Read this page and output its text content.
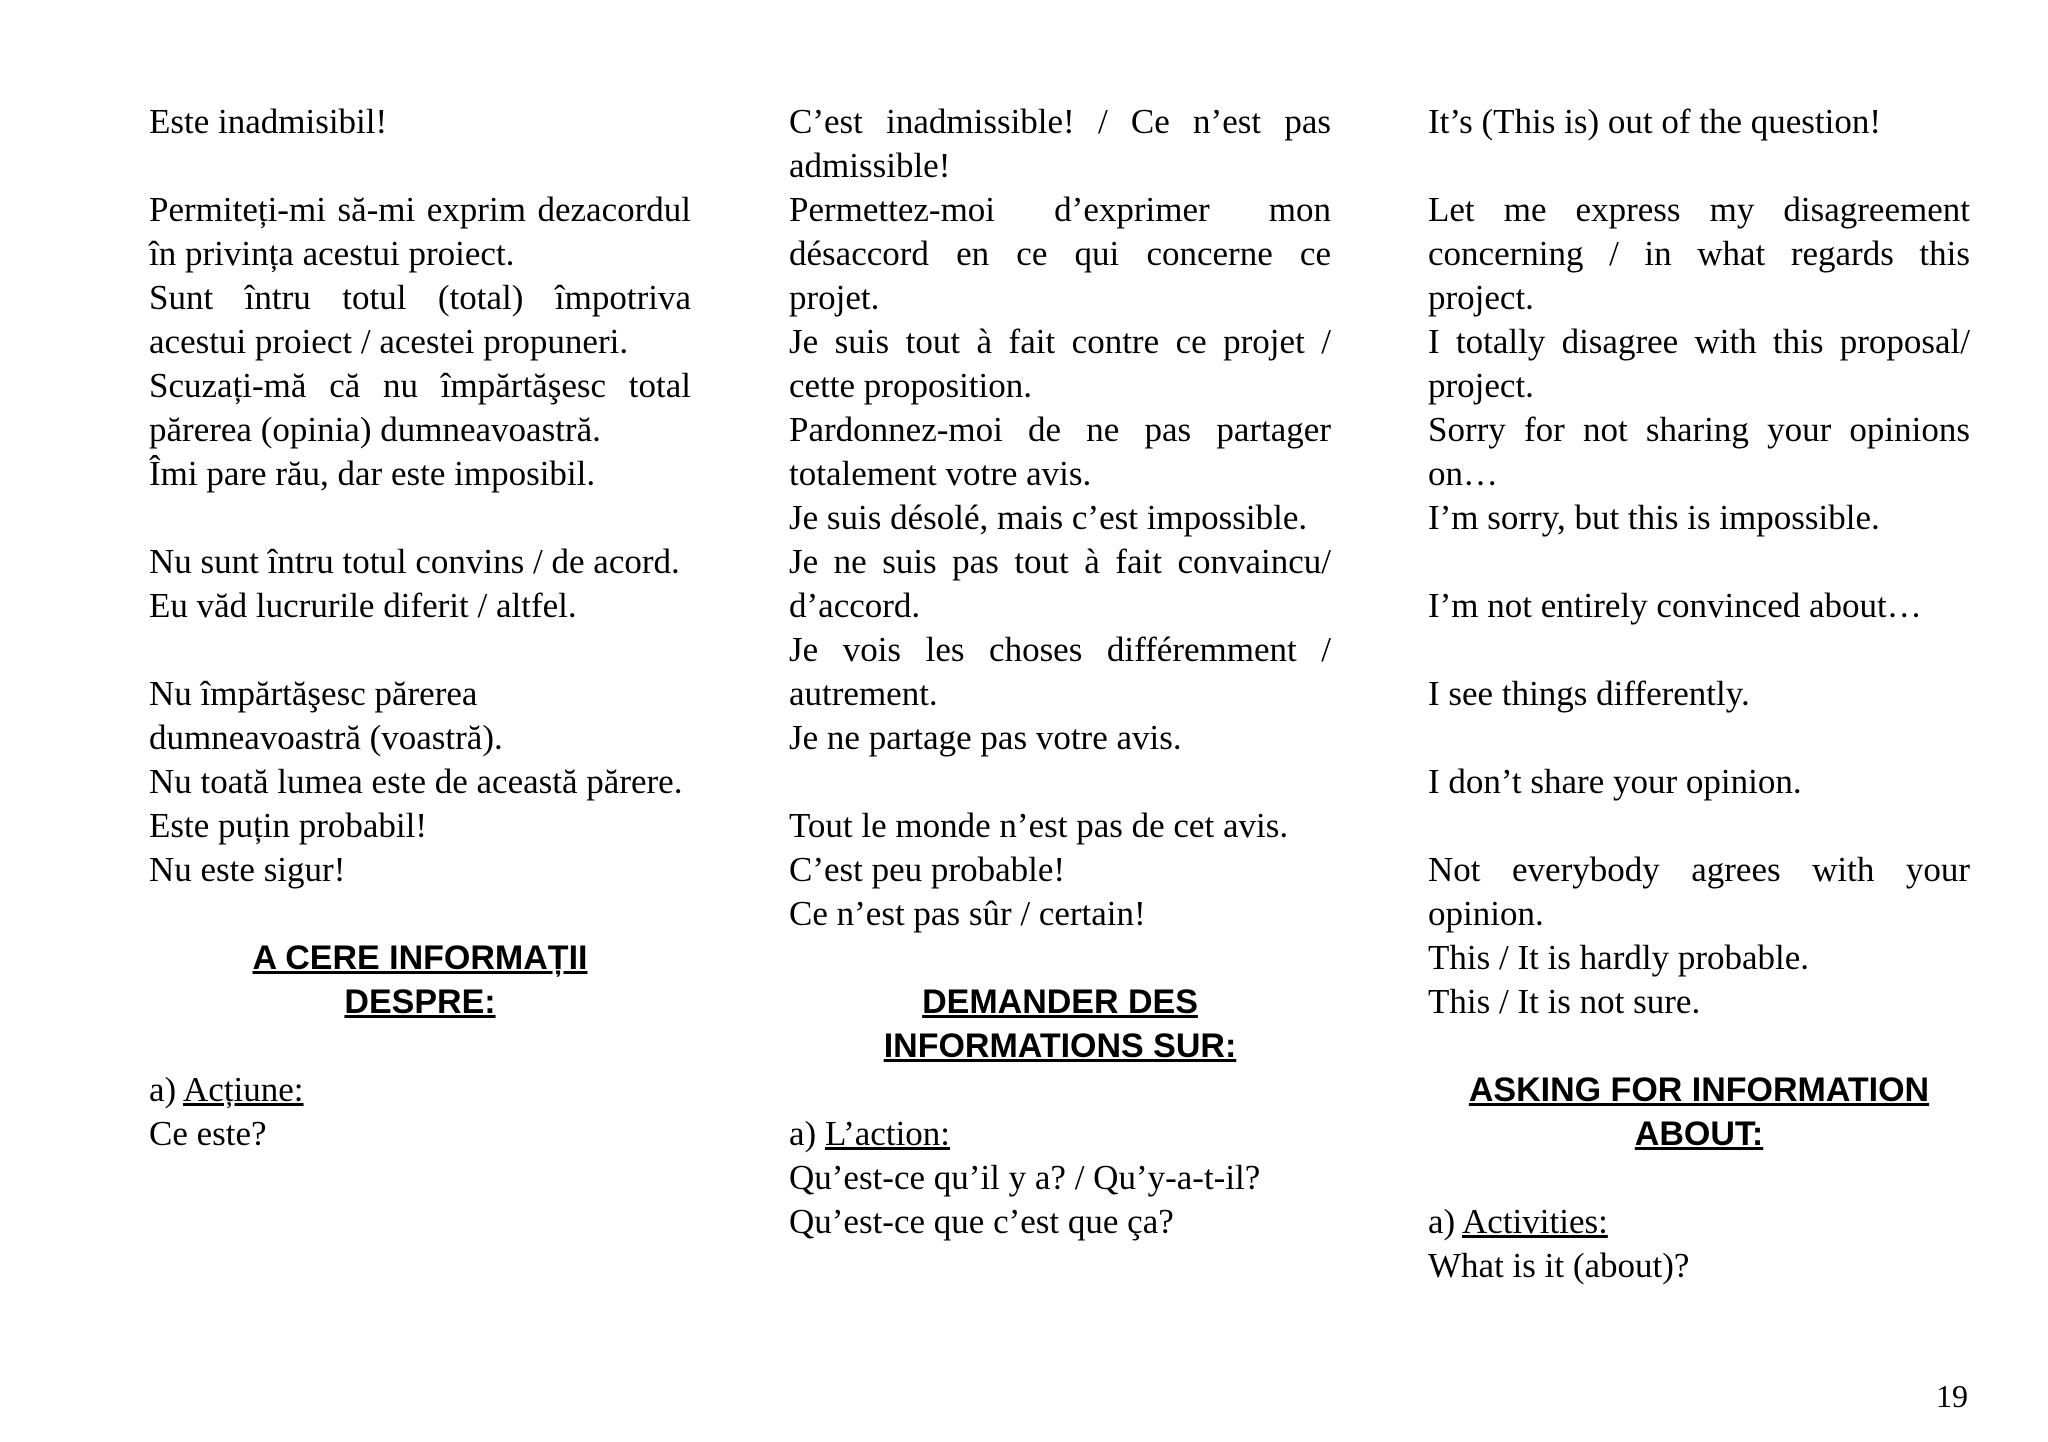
Este inadmisibil!

Permiteți-mi să-mi exprim dezacordul în privința acestui proiect.

Sunt întru totul (total) împotriva acestui proiect / acestei propuneri.

Scuzați-mă că nu împărtăşesc total părerea (opinia) dumneavoastră.

Îmi pare rău, dar este imposibil.

Nu sunt întru totul convins / de acord.

Eu văd lucrurile diferit / altfel.

Nu împărtăşesc părerea dumneavoastră (voastră).

Nu toată lumea este de această părere.

Este puțin probabil!

Nu este sigur!

A CERE INFORMAȚII
DESPRE:

a) Acțiune:

Ce este?

C’est inadmissible! / Ce n’est pas admissible!

Permettez-moi d’exprimer mon désaccord en ce qui concerne ce projet.

Je suis tout à fait contre ce projet / cette proposition.

Pardonnez-moi de ne pas partager totalement votre avis.

Je suis désolé, mais c’est impossible.

Je ne suis pas tout à fait convaincu/ d’accord.

Je vois les choses différemment / autrement.

Je ne partage pas votre avis.

Tout le monde n’est pas de cet avis.

C’est peu probable!

Ce n’est pas sûr / certain!

DEMANDER DES
INFORMATIONS SUR:

a) L’action:

Qu’est-ce qu’il y a? / Qu’y-a-t-il?

Qu’est-ce que c’est que ça?

It’s (This is) out of the question!

Let me express my disagreement concerning / in what regards this project.

I totally disagree with this proposal/ project.

Sorry for not sharing your opinions on…

I’m sorry, but this is impossible.

I’m not entirely convinced about…

I see things differently.

I don’t share your opinion.

Not everybody agrees with your opinion.

This / It is hardly probable.

This / It is not sure.

ASKING FOR INFORMATION
ABOUT:

a) Activities:

What is it (about)?

19
